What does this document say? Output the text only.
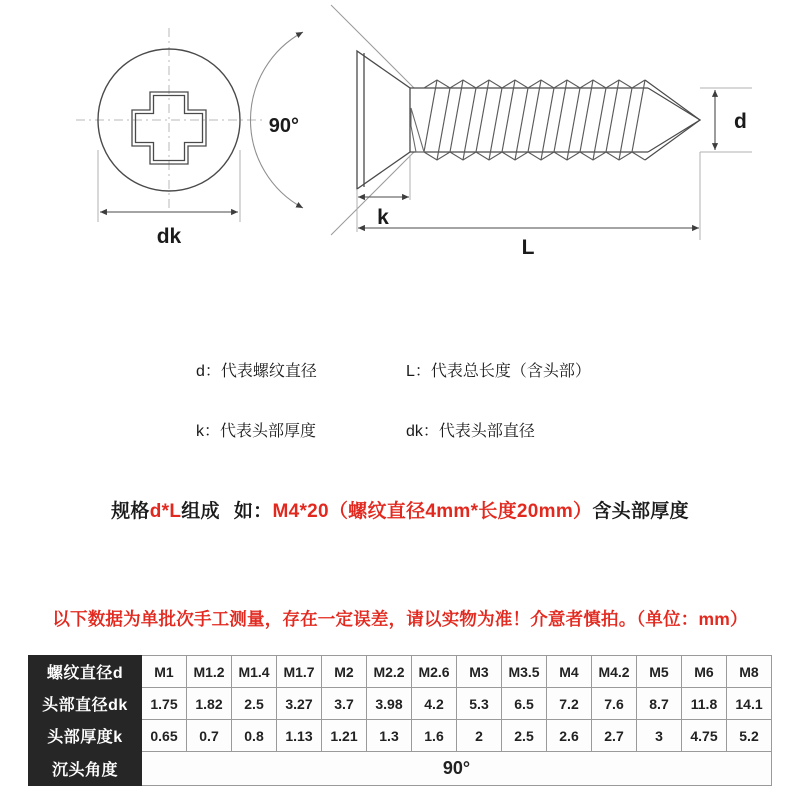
dk
90°	d
k
L
d：代表螺纹直径	L：代表总长度（含头部）
k：代表头部厚度	dk：代表头部直径
规格d*L组成 如：M4*20（螺纹直径4mm*长度20mm）含头部厚度
以下数据为单批次手工测量，存在一定误差，请以实物为准！介意者慎拍。（单位：mm）
螺纹直径d	M1	M1.2	M1.4	M1.7	M2	M2.2	M2.6	M3	M3.5	M4	M4.2	M5	M6	M8
头部直径dk	1.75	1.82	2.5	3.27	3.7	3.98	4.2	5.3	6.5	7.2	7.6	8.7	11.8	14.1
头部厚度k	0.65	0.7	0.8	1.13	1.21	1.3	1.6	2	2.5	2.6	2.7	3	4.75	5.2
沉头角度	90°													
